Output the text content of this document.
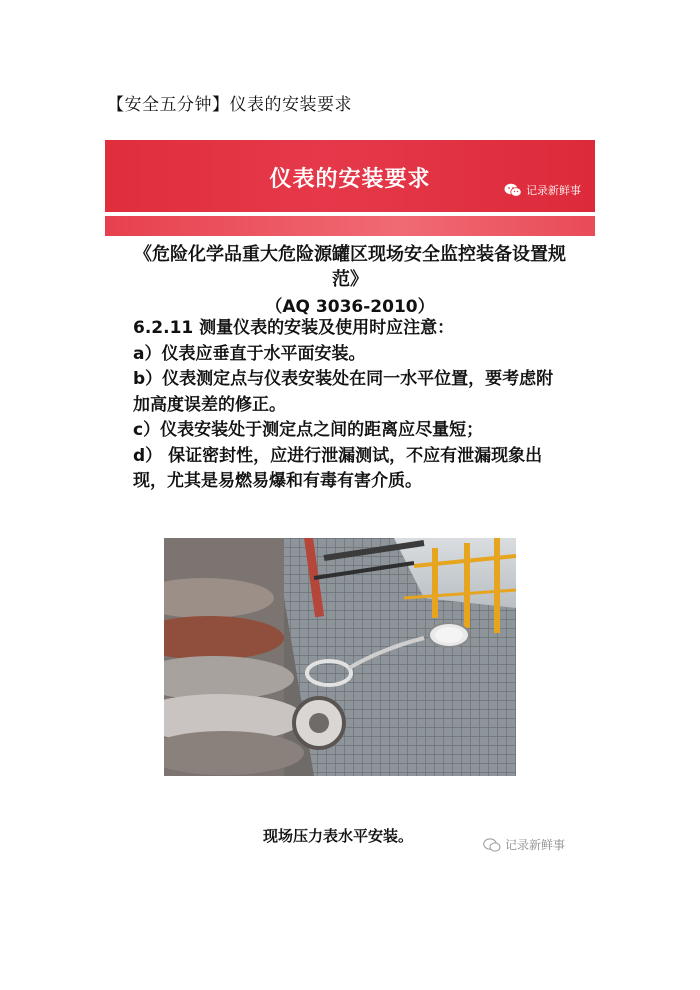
【安全五分钟】仪表的安装要求
仪表的安装要求	记录新鲜事
《危险化学品重大危险源罐区现场安全监控装备设置规范》
（AQ 3036-2010）
6.2.11 测量仪表的安装及使用时应注意：
a）仪表应垂直于水平面安装。
b）仪表测定点与仪表安装处在同一水平位置，要考虑附加高度误差的修正。
c）仪表安装处于测定点之间的距离应尽量短；
d） 保证密封性，应进行泄漏测试，不应有泄漏现象出现，尤其是易燃易爆和有毒有害介质。
现场压力表水平安装。	记录新鲜事
